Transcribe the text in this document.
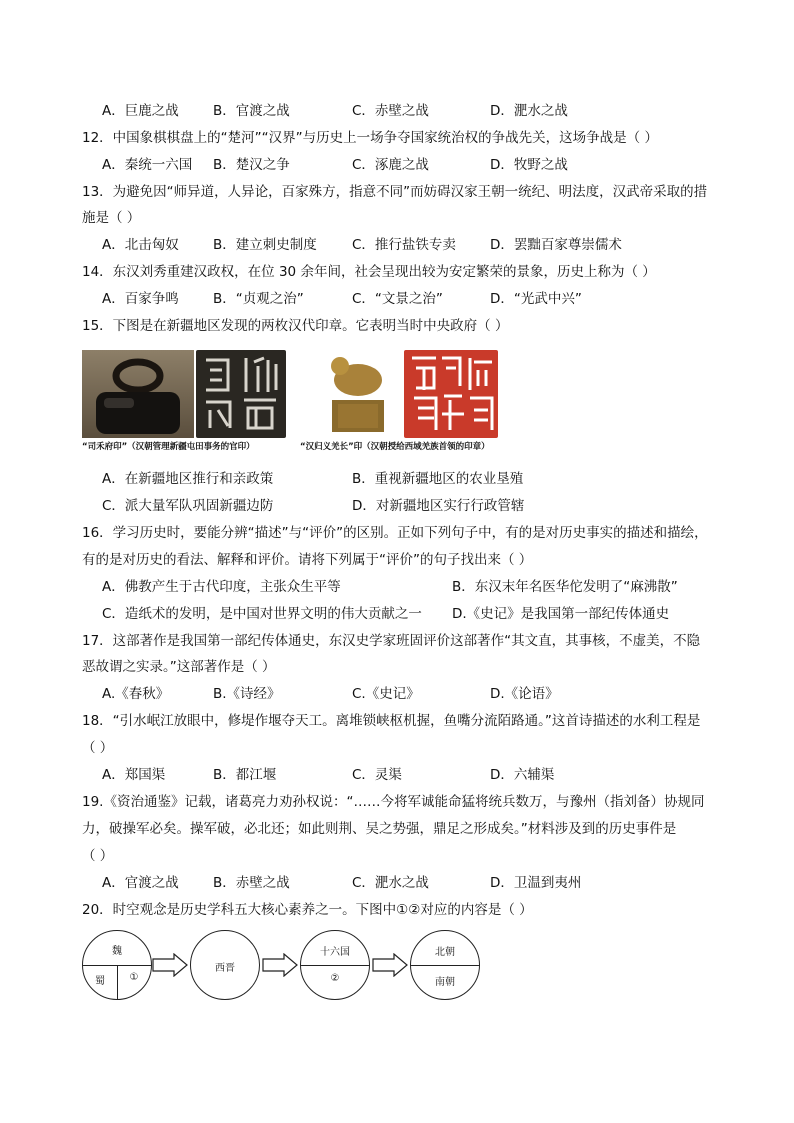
A．巨鹿之战	B．官渡之战	C．赤壁之战	D．淝水之战
12．中国象棋棋盘上的“楚河”“汉界”与历史上一场争夺国家统治权的争战先关，这场争战是（ ）
A．秦统一六国 B．楚汉之争	C．涿鹿之战	D．牧野之战
13．为避免因“师异道，人异论，百家殊方，指意不同”而妨碍汉家王朝一统纪、明法度，汉武帝采取的措
施是（ ）
A．北击匈奴	B．建立刺史制度	C．推行盐铁专卖	D．罢黜百家尊崇儒术
14．东汉刘秀重建汉政权，在位 30 余年间，社会呈现出较为安定繁荣的景象，历史上称为（ ）
A．百家争鸣	B．“贞观之治”	C．“文景之治”	D．“光武中兴”
15．下图是在新疆地区发现的两枚汉代印章。它表明当时中央政府（ ）
“司禾府印”（汉朝管理新疆屯田事务的官印）	“汉归义羌长”印（汉朝授给西域羌族首领的印章）
A．在新疆地区推行和亲政策	B．重视新疆地区的农业垦殖
C．派大量军队巩固新疆边防	D．对新疆地区实行行政管辖
16．学习历史时，要能分辨“描述”与“评价”的区别。正如下列句子中，有的是对历史事实的描述和描绘，
有的是对历史的看法、解释和评价。请将下列属于“评价”的句子找出来（ ）
A．佛教产生于古代印度，主张众生平等	B．东汉末年名医华佗发明了“麻沸散”
C．造纸术的发明，是中国对世界文明的伟大贡献之一 D.《史记》是我国第一部纪传体通史
17．这部著作是我国第一部纪传体通史，东汉史学家班固评价这部著作“其文直，其事核，不虚美，不隐
恶故谓之实录。”这部著作是（ ）
A.《春秋》	B.《诗经》	C.《史记》	D.《论语》
18．“引水岷江放眼中，修堤作堰夺天工。离堆锁峡枢机握，鱼嘴分流陌路通。”这首诗描述的水利工程是
（ ）
A．郑国渠	B．都江堰	C．灵渠	D．六辅渠
19.《资治通鉴》记载，诸葛亮力劝孙权说：“……今将军诚能命猛将统兵数万，与豫州（指刘备）协规同
力，破操军必矣。操军破，必北还；如此则荆、吴之势强，鼎足之形成矣。”材料涉及到的历史事件是
（ ）
A．官渡之战	B．赤壁之战	C．淝水之战	D．卫温到夷州
20．时空观念是历史学科五大核心素养之一。下图中①②对应的内容是（ ）
魏
蜀	①
西晋
十六国
②
北朝
南朝
